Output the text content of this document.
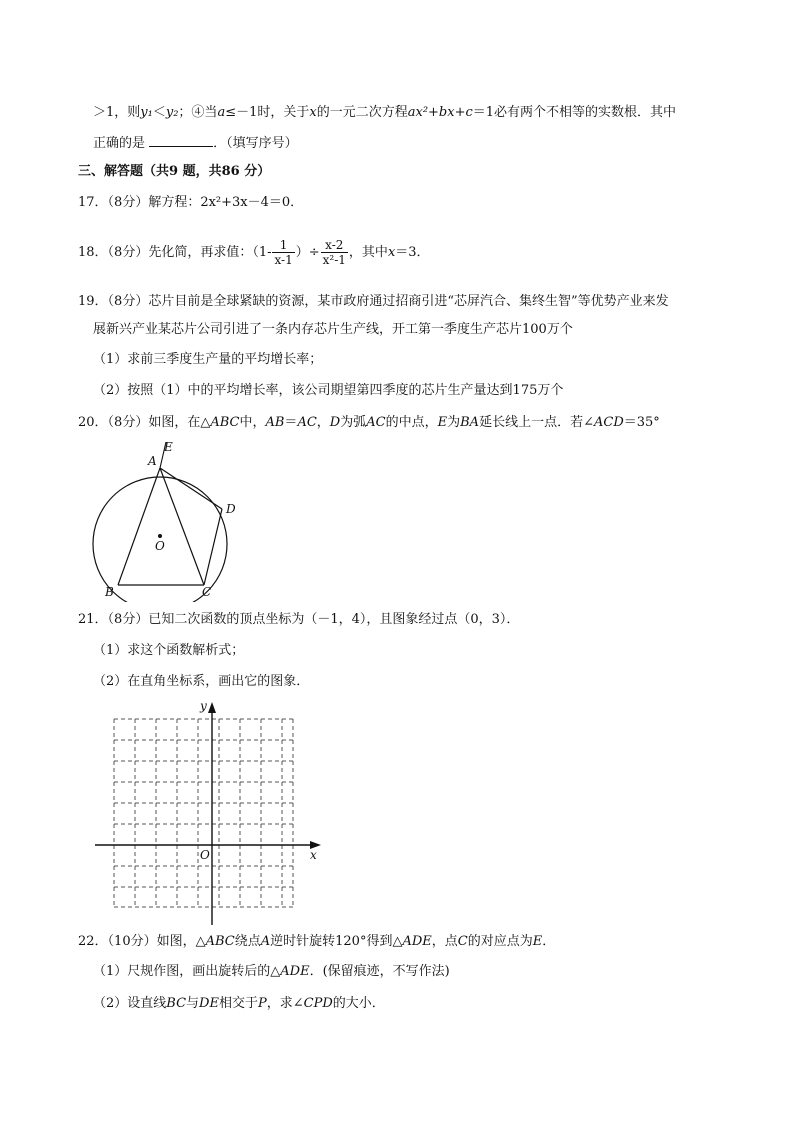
＞1，则y₁＜y₂；④当a≤－1时，关于x的一元二次方程ax²+bx+c＝1必有两个不相等的实数根．其中
正确的是	．（填写序号）
三、解答题（共9 题，共86 分）
17．（8分）解方程：2x²+3x－4＝0．
18．（8分）先化简，再求值：（$1- \frac{1}{x-1}$ ）÷ $\frac{x-2}{\text{x²-1}}$ ，其中x＝3．
19．（8分）芯片目前是全球紧缺的资源，某市政府通过招商引进“芯屏汽合、集终生智”等优势产业来发
展新兴产业某芯片公司引进了一条内存芯片生产线，开工第一季度生产芯片100万个
（1）求前三季度生产量的平均增长率；
（2）按照（1）中的平均增长率，该公司期望第四季度的芯片生产量达到175万个
20．（8分）如图，在△ABC中，AB＝AC，D为弧AC的中点，E为BA延长线上一点．若∠ACD＝35°
E
A
D
O
B	C
21．（8分）已知二次函数的顶点坐标为（－1，4），且图象经过点（0，3）．
（1）求这个函数解析式；
（2）在直角坐标系，画出它的图象．
y
x
O
22．（10分）如图，△ABC绕点A逆时针旋转120°得到△ADE，点C的对应点为E．
（1）尺规作图，画出旋转后的△ADE．(保留痕迹，不写作法)
（2）设直线BC与DE相交于P，求∠CPD的大小．
